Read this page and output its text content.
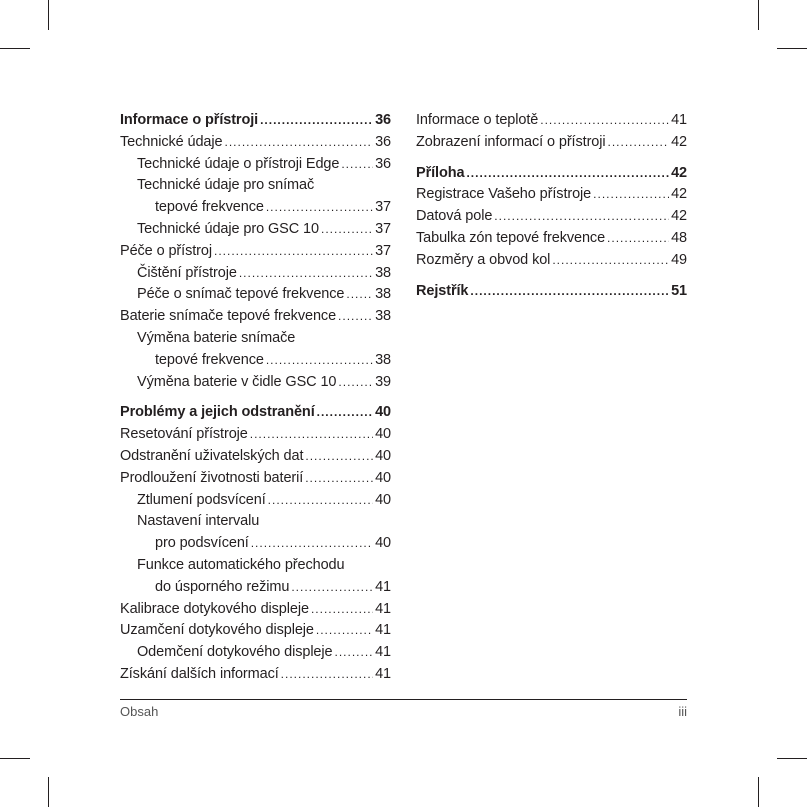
Informace o přístroji .....	36
Technické údaje .....	36
Technické údaje o přístroji Edge ..... 36
Technické údaje pro snímač
tepové frekvence .....	37
Technické údaje pro GSC 10 .....	37
Péče o přístroj .....	37
Čištění přístroje .....	38
Péče o snímač tepové frekvence ..... 38
Baterie snímače tepové frekvence .....	38
Výměna baterie snímače
tepové frekvence .....	38
Výměna baterie v čidle GSC 10 .....	39
Problémy a jejich odstranění .....	40
Resetování přístroje .....	40
Odstranění uživatelských dat .....	40
Prodloužení životnosti baterií .....	40
Ztlumení podsvícení .....	40
Nastavení intervalu
pro podsvícení .....	40
Funkce automatického přechodu
do úsporného režimu .....	41
Kalibrace dotykového displeje .....	41
Uzamčení dotykového displeje .....	41
Odemčení dotykového displeje .....	41
Získání dalších informací .....	41
Informace o teplotě .....	41
Zobrazení informací o přístroji .....	42
Příloha .....	42
Registrace Vašeho přístroje .....	42
Datová pole .....	42
Tabulka zón tepové frekvence .....	48
Rozměry a obvod kol .....	49
Rejstřík .....	51
Obsah	iii
